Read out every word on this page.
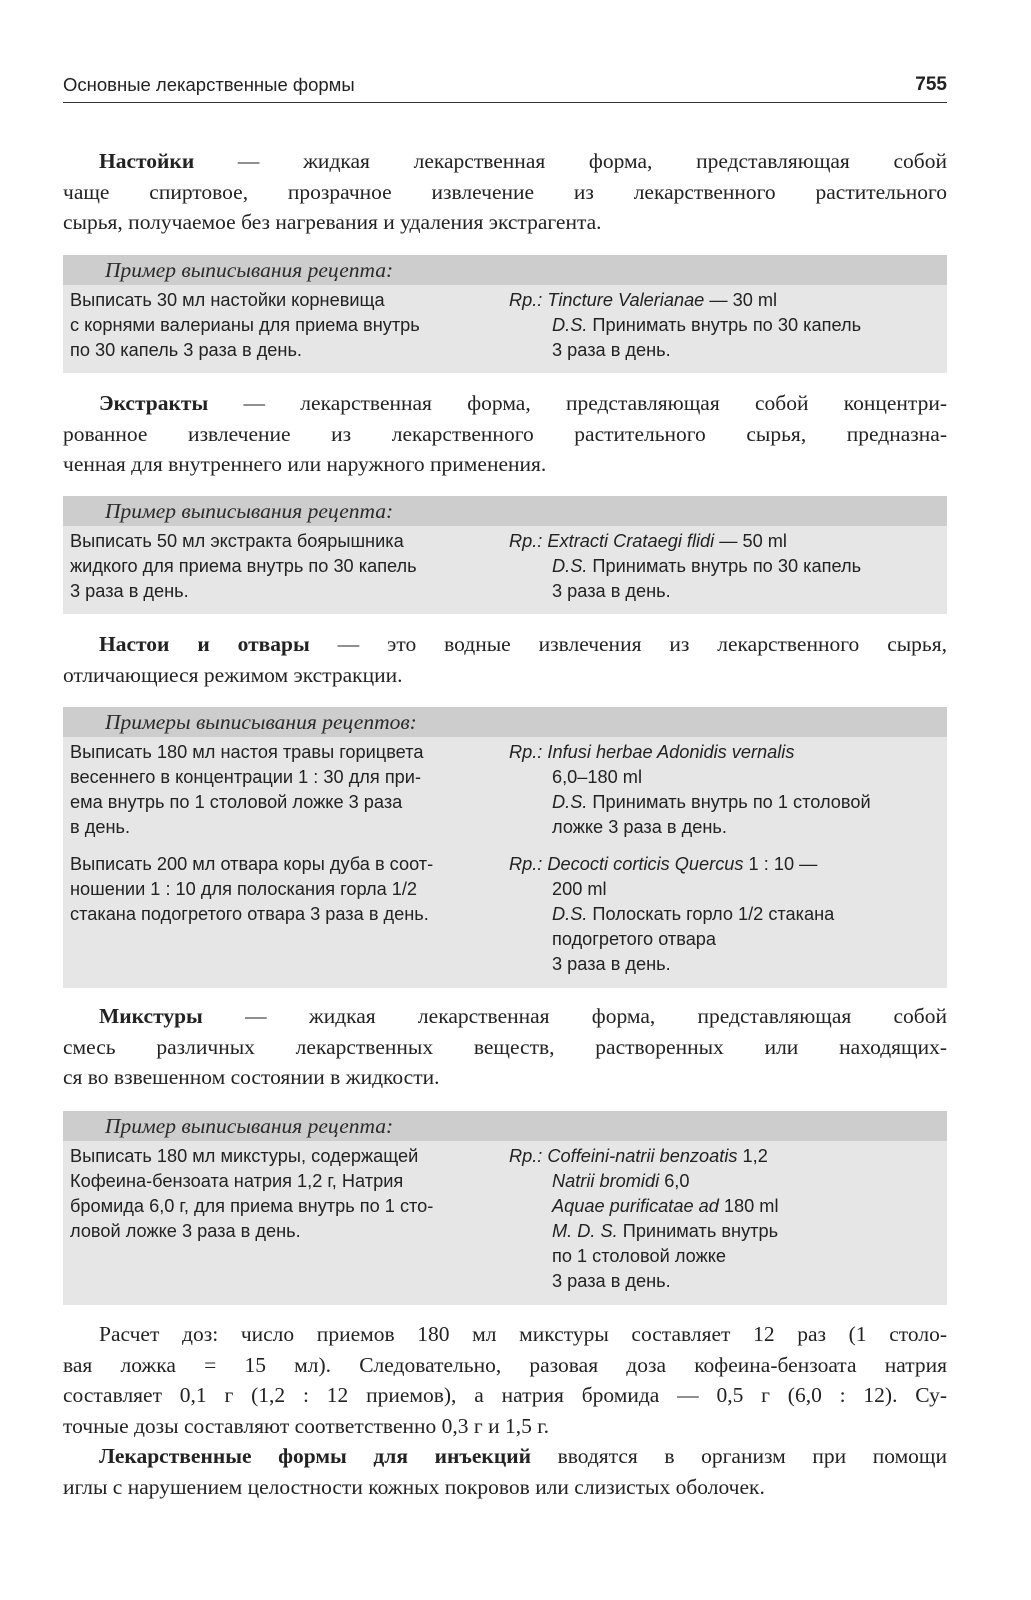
Основные лекарственные формы	755
Настойки — жидкая лекарственная форма, представляющая собой
чаще спиртовое, прозрачное извлечение из лекарственного растительного
сырья, получаемое без нагревания и удаления экстрагента.
Пример выписывания рецепта:
Выписать 30 мл настойки корневища
с корнями валерианы для приема внутрь
по 30 капель 3 раза в день.
Rp.: Tincture Valerianae — 30 ml
D.S. Принимать внутрь по 30 капель
3 раза в день.
Экстракты — лекарственная форма, представляющая собой концентри-
рованное извлечение из лекарственного растительного сырья, предназна-
ченная для внутреннего или наружного применения.
Пример выписывания рецепта:
Выписать 50 мл экстракта боярышника
жидкого для приема внутрь по 30 капель
3 раза в день.
Rp.: Extracti Crataegi flidi — 50 ml
D.S. Принимать внутрь по 30 капель
3 раза в день.
Настои и отвары — это водные извлечения из лекарственного сырья,
отличающиеся режимом экстракции.
Примеры выписывания рецептов:
Выписать 180 мл настоя травы горицвета
весеннего в концентрации 1 : 30 для при-
ема внутрь по 1 столовой ложке 3 раза
в день.
Rp.: Infusi herbae Adonidis vernalis
6,0–180 ml
D.S. Принимать внутрь по 1 столовой
ложке 3 раза в день.
Выписать 200 мл отвара коры дуба в соот-
ношении 1 : 10 для полоскания горла 1/2
стакана подогретого отвара 3 раза в день.
Rp.: Decocti corticis Quercus 1 : 10 —
200 ml
D.S. Полоскать горло 1/2 стакана
подогретого отвара
3 раза в день.
Микстуры — жидкая лекарственная форма, представляющая собой
смесь различных лекарственных веществ, растворенных или находящих-
ся во взвешенном состоянии в жидкости.
Пример выписывания рецепта:
Выписать 180 мл микстуры, содержащей
Кофеина-бензоата натрия 1,2 г, Натрия
бромида 6,0 г, для приема внутрь по 1 сто-
ловой ложке 3 раза в день.
Rp.: Coffeini-natrii benzoatis 1,2
Natrii bromidi 6,0
Aquae purificatae ad 180 ml
M. D. S. Принимать внутрь
по 1 столовой ложке
3 раза в день.
Расчет доз: число приемов 180 мл микстуры составляет 12 раз (1 столо-
вая ложка = 15 мл). Следовательно, разовая доза кофеина-бензоата натрия
составляет 0,1 г (1,2 : 12 приемов), а натрия бромида — 0,5 г (6,0 : 12). Су-
точные дозы составляют соответственно 0,3 г и 1,5 г.
Лекарственные формы для инъекций вводятся в организм при помощи
иглы с нарушением целостности кожных покровов или слизистых оболочек.
